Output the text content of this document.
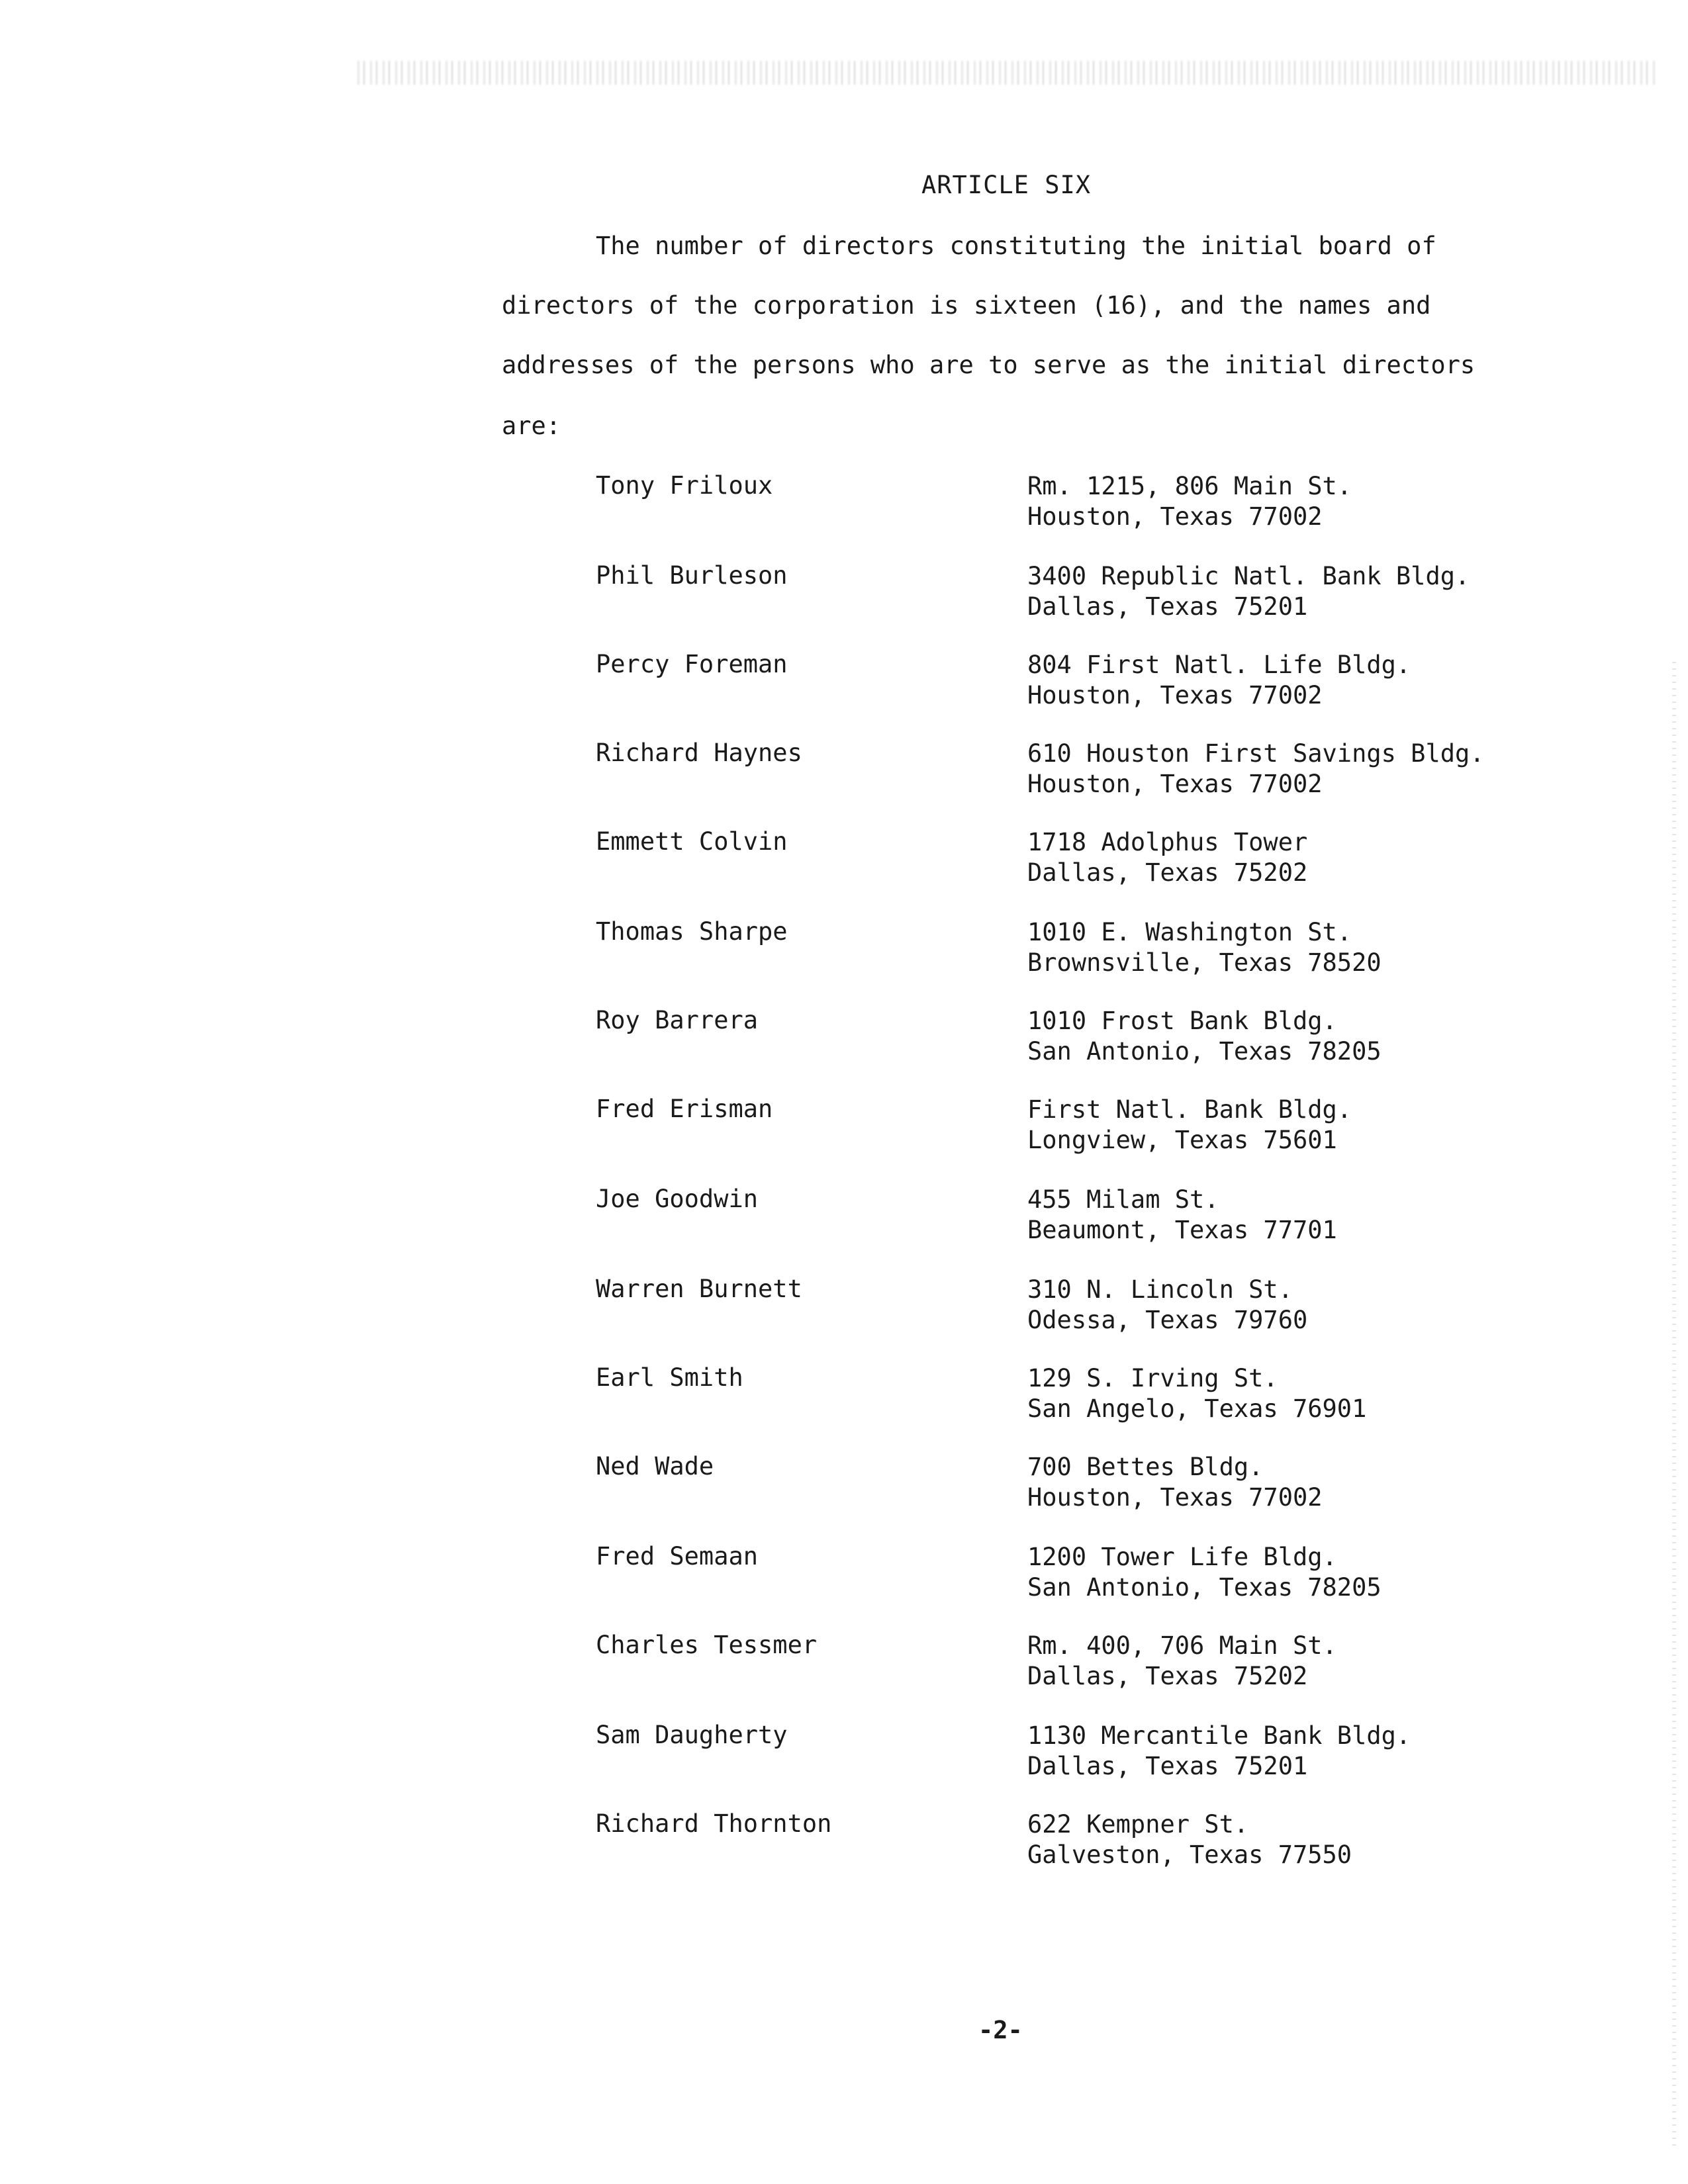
ARTICLE SIX
The number of directors constituting the initial board of
directors of the corporation is sixteen (16), and the names and
addresses of the persons who are to serve as the initial directors
are:
Tony Friloux	Rm. 1215, 806 Main St.
Houston, Texas 77002
Phil Burleson	3400 Republic Natl. Bank Bldg.
Dallas, Texas 75201
Percy Foreman	804 First Natl. Life Bldg.
Houston, Texas 77002
Richard Haynes	610 Houston First Savings Bldg.
Houston, Texas 77002
Emmett Colvin	1718 Adolphus Tower
Dallas, Texas 75202
Thomas Sharpe	1010 E. Washington St.
Brownsville, Texas 78520
Roy Barrera	1010 Frost Bank Bldg.
San Antonio, Texas 78205
Fred Erisman	First Natl. Bank Bldg.
Longview, Texas 75601
Joe Goodwin	455 Milam St.
Beaumont, Texas 77701
Warren Burnett	310 N. Lincoln St.
Odessa, Texas 79760
Earl Smith	129 S. Irving St.
San Angelo, Texas 76901
Ned Wade	700 Bettes Bldg.
Houston, Texas 77002
Fred Semaan	1200 Tower Life Bldg.
San Antonio, Texas 78205
Charles Tessmer	Rm. 400, 706 Main St.
Dallas, Texas 75202
Sam Daugherty	1130 Mercantile Bank Bldg.
Dallas, Texas 75201
Richard Thornton	622 Kempner St.
Galveston, Texas 77550
-2-
